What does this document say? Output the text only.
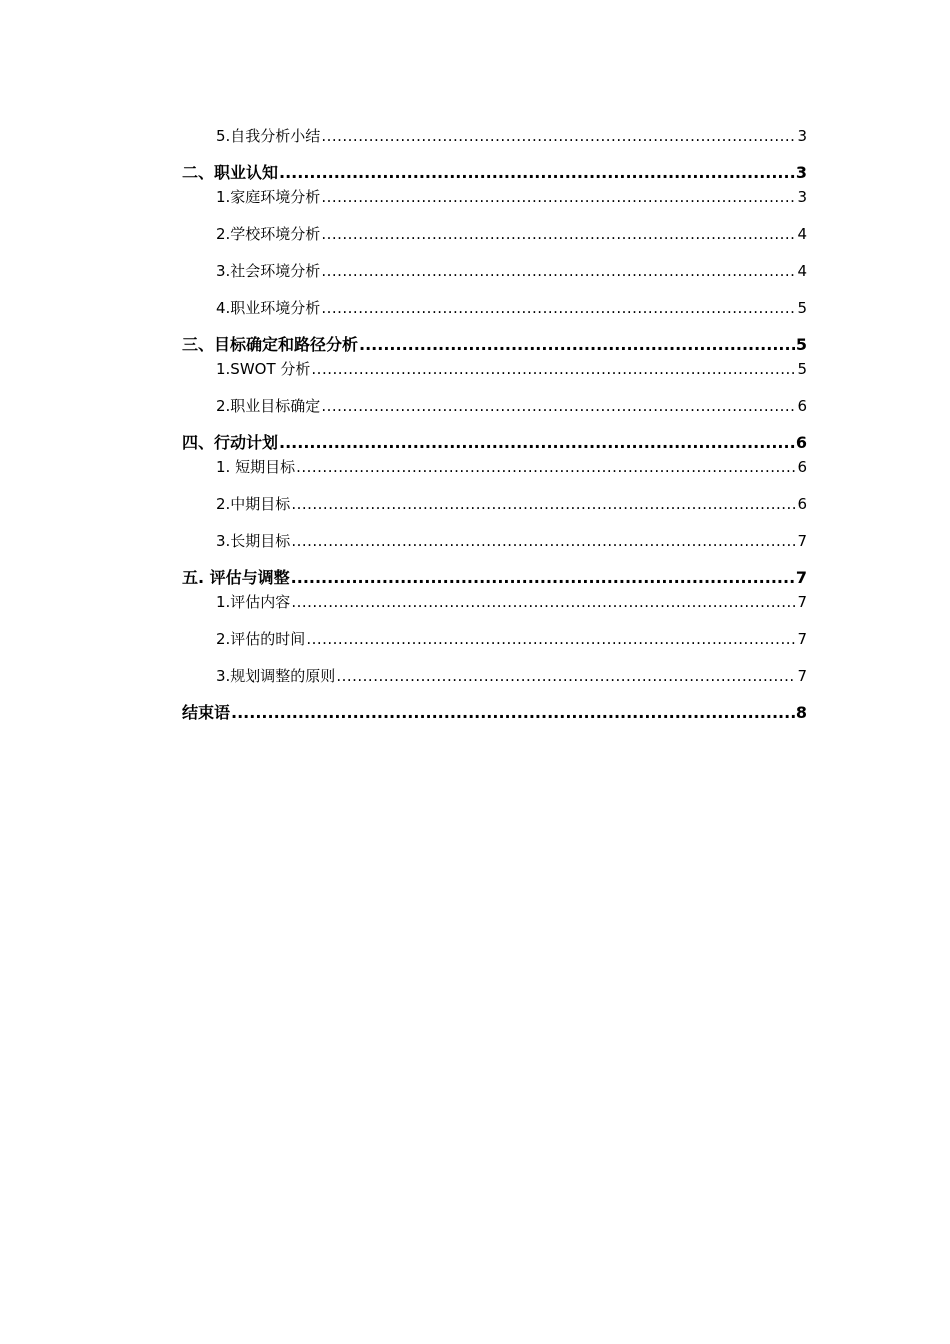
5.自我分析小结 .....	3
二、职业认知 .....	3
1.家庭环境分析 .....	3
2.学校环境分析 .....	4
3.社会环境分析 .....	4
4.职业环境分析 .....	5
三、目标确定和路径分析 .....	5
1.SWOT 分析 .....	5
2.职业目标确定 .....	6
四、行动计划 .....	6
1. 短期目标 .....	6
2.中期目标 .....	6
3.长期目标 .....	7
五. 评估与调整 .....	7
1.评估内容 .....	7
2.评估的时间 .....	7
3.规划调整的原则 .....	7
结束语 .....	8
